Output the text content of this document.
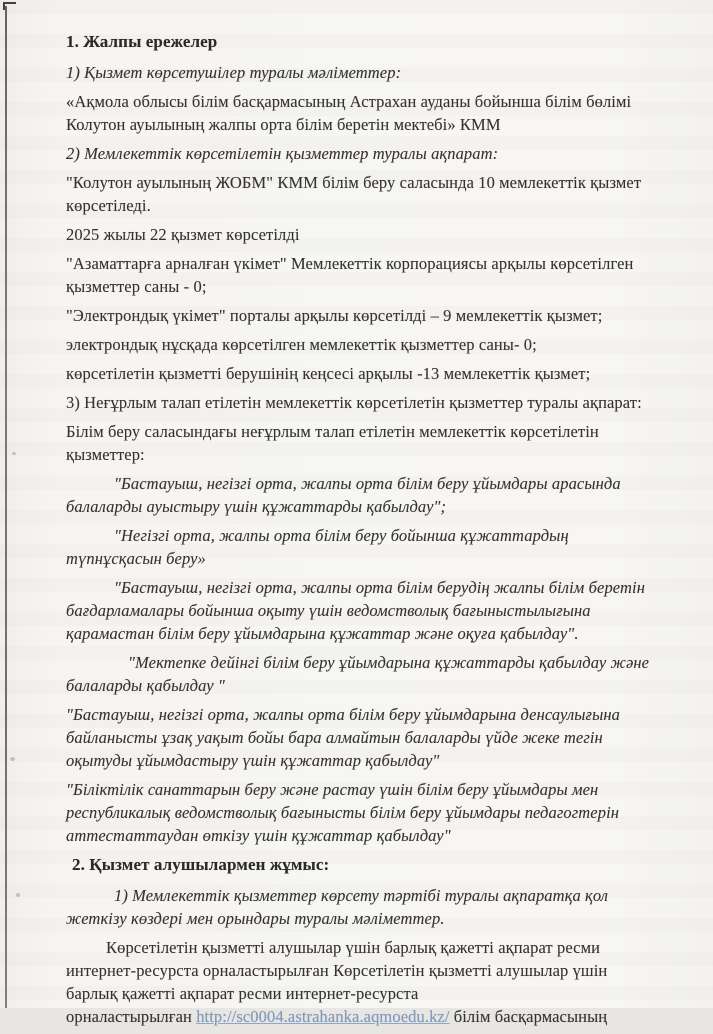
1. Жалпы ережелер

1) Қызмет көрсетушілер туралы мәліметтер:

«Ақмола облысы білім басқармасының Астрахан ауданы бойынша білім бөлімі Колутон ауылының жалпы орта білім беретін мектебі» КММ

2) Мемлекеттік көрсетілетін қызметтер туралы ақпарат:

"Колутон ауылының ЖОБМ" КММ білім беру саласында 10 мемлекеттік қызмет көрсетіледі.

2025 жылы 22 қызмет көрсетілді

"Азаматтарға арналған үкімет" Мемлекеттік корпорациясы арқылы көрсетілген қызметтер саны - 0;

"Электрондық үкімет" порталы арқылы көрсетілді – 9 мемлекеттік қызмет;

электрондық нұсқада көрсетілген мемлекеттік қызметтер саны- 0;

көрсетілетін қызметті берушінің кеңсесі арқылы -13 мемлекеттік қызмет;

3) Неғұрлым талап етілетін мемлекеттік көрсетілетін қызметтер туралы ақпарат:

Білім беру саласындағы неғұрлым талап етілетін мемлекеттік көрсетілетін қызметтер:

"Бастауыш, негізгі орта, жалпы орта білім беру ұйымдары арасында балаларды ауыстыру үшін құжаттарды қабылдау";

"Негізгі орта, жалпы орта білім беру бойынша құжаттардың түпнұсқасын беру»

"Бастауыш, негізгі орта, жалпы орта білім берудің жалпы білім беретін бағдарламалары бойынша оқыту үшін ведомстволық бағыныстылығына қарамастан білім беру ұйымдарына құжаттар және оқуға қабылдау".

"Мектепке дейінгі білім беру ұйымдарына құжаттарды қабылдау және балаларды қабылдау "

"Бастауыш, негізгі орта, жалпы орта білім беру ұйымдарына денсаулығына байланысты ұзақ уақыт бойы бара алмайтын балаларды үйде жеке тегін оқытуды ұйымдастыру үшін құжаттар қабылдау"

"Біліктілік санаттарын беру және растау үшін білім беру ұйымдары мен республикалық ведомстволық бағынысты білім беру ұйымдары педагогтерін аттестаттаудан өткізу үшін құжаттар қабылдау"

2. Қызмет алушылармен жұмыс:

1) Мемлекеттік қызметтер көрсету тәртібі туралы ақпаратқа қол жеткізу көздері мен орындары туралы мәліметтер.

Көрсетілетін қызметті алушылар үшін барлық қажетті ақпарат ресми
интернет-ресурста орналастырылған Көрсетілетін қызметті алушылар үшін
барлық қажетті ақпарат ресми интернет-ресурста
орналастырылған http://sc0004.astrahanka.aqmoedu.kz/ білім басқармасының
